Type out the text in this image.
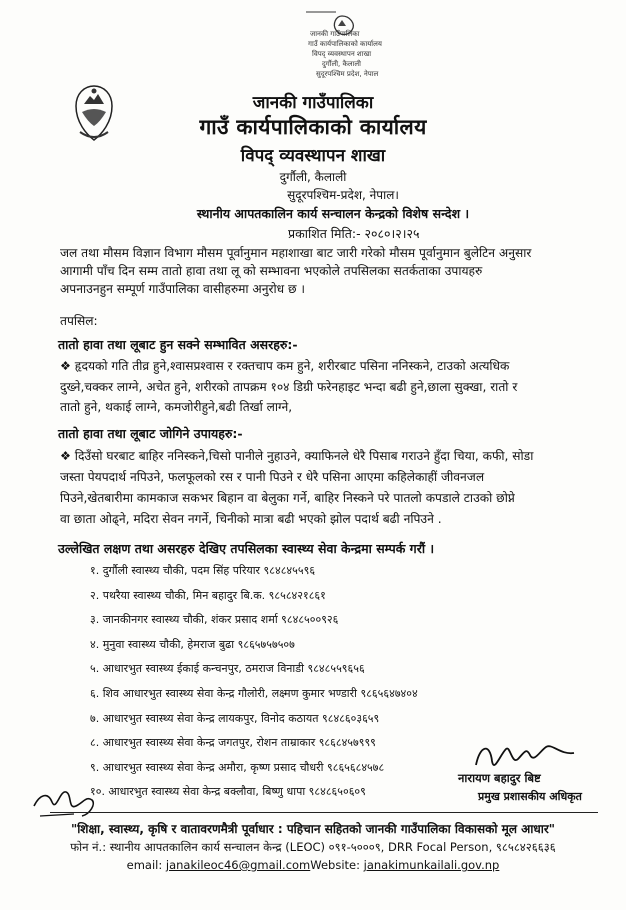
जानकी गाउँपालिका
गाउँ कार्यपालिकाको कार्यालय
विपद् व्यवस्थापन शाखा
दुर्गौली, कैलाली
सुदूरपश्चिम प्रदेश, नेपाल
जानकी गाउँपालिका
गाउँ कार्यपालिकाको कार्यालय
विपद् व्यवस्थापन शाखा
दुर्गौली, कैलाली
सुदूरपश्चिम-प्रदेश, नेपाल।
स्थानीय आपतकालिन कार्य सन्चालन केन्द्रको विशेष सन्देश ।
प्रकाशित मिति:- २०८०।२।२५
जल तथा मौसम विज्ञान विभाग मौसम पूर्वानुमान महाशाखा बाट जारी गरेको मौसम पूर्वानुमान बुलेटिन अनुसार
आगामी पाँच दिन सम्म तातो हावा तथा लू को सम्भावना भएकोले तपसिलका सतर्कताका उपायहरु
अपनाउनहुन सम्पूर्ण गाउँपालिका वासीहरुमा अनुरोध छ ।
तपसिल:
तातो हावा तथा लूबाट हुन सक्ने सम्भावित असरहरु:-
❖ हृदयको गति तीव्र हुने,श्वासप्रश्वास र रक्तचाप कम हुने, शरीरबाट पसिना ननिस्कने, टाउको अत्यधिक
दुख्ने,चक्कर लाग्ने, अचेत हुने, शरीरको तापक्रम १०४ डिग्री फरेनहाइट भन्दा बढी हुने,छाला सुक्खा, रातो र
तातो हुने, थकाई लाग्ने, कमजोरीहुने,बढी तिर्खा लाग्ने,
तातो हावा तथा लूबाट जोगिने उपायहरु:-
❖ दिउँसो घरबाट बाहिर ननिस्कने,चिसो पानीले नुहाउने, क्याफिनले धेरै पिसाब गराउने हुँदा चिया, कफी, सोडा
जस्ता पेयपदार्थ नपिउने, फलफूलको रस र पानी पिउने र धेरै पसिना आएमा कहिलेकाहीं जीवनजल
पिउने,खेतबारीमा कामकाज सकभर बिहान वा बेलुका गर्ने, बाहिर निस्कने परे पातलो कपडाले टाउको छोप्ने
वा छाता ओढ्ने, मदिरा सेवन नगर्ने, चिनीको मात्रा बढी भएको झोल पदार्थ बढी नपिउने .
उल्लेखित लक्षण तथा असरहरु देखिए तपसिलका स्वास्थ्य सेवा केन्द्रमा सम्पर्क गरौं ।
१. दुर्गौली स्वास्थ्य चौकी, पदम सिंह परियार ९८४८४५५९६
२. पथरैया स्वास्थ्य चौकी, मिन बहादुर बि.क. ९८५८४२१८६१
३. जानकीनगर स्वास्थ्य चौकी, शंकर प्रसाद शर्मा ९८४८५००९२६
४. मुनुवा स्वास्थ्य चौकी, हेमराज बुढा ९८६५७५७५०७
५. आधारभुत स्वास्थ्य ईकाई कन्चनपुर, ठमराज विनाडी ९८४८५५९६५६
६. शिव आधारभुत स्वास्थ्य सेवा केन्द्र गौलोरी, लक्ष्मण कुमार भण्डारी ९८६५६४७४०४
७. आधारभुत स्वास्थ्य सेवा केन्द्र लायकपुर, विनोद कठायत ९८४८६०३६५९
८. आधारभुत स्वास्थ्य सेवा केन्द्र जगतपुर, रोशन ताम्राकार ९८६८४५७९९९
९. आधारभुत स्वास्थ्य सेवा केन्द्र अमौरा, कृष्ण प्रसाद चौधरी ९८६५६८४५७८
१०. आधारभुत स्वास्थ्य सेवा केन्द्र बक्लौवा, बिष्णु धापा ९८४८६५०६०९
नारायण बहादुर बिष्ट
प्रमुख प्रशासकीय अधिकृत
"शिक्षा, स्वास्थ्य, कृषि र वातावरणमैत्री पूर्वाधार : पहिचान सहितको जानकी गाउँपालिका विकासको मूल आधार"
फोन नं.: स्थानीय आपतकालिन कार्य सन्चालन केन्द्र (LEOC) ०९१-५०००९, DRR Focal Person, ९८५८४२६६३६
email: janakileoc46@gmail.comWebsite: janakimunkailali.gov.np
